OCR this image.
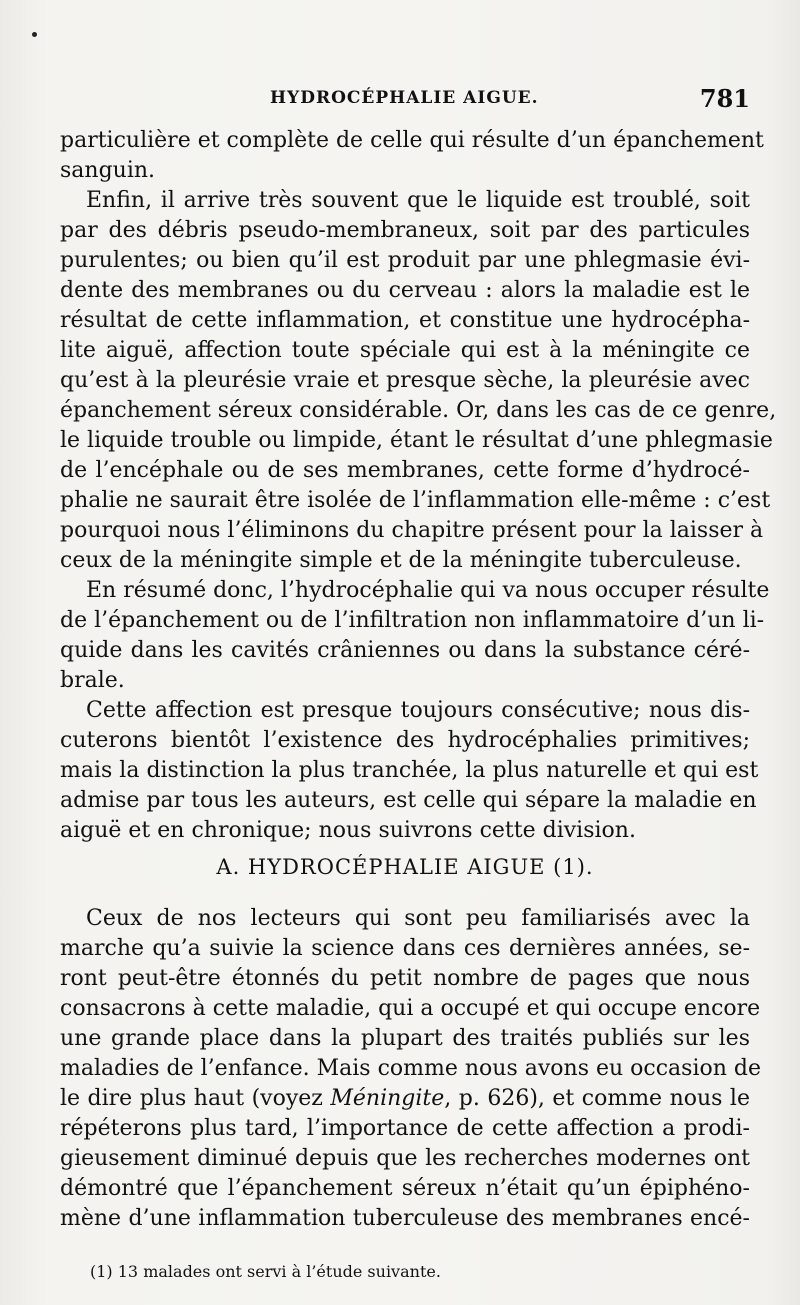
HYDROCÉPHALIE AIGUE.	781
particulière et complète de celle qui résulte d’un épanchement
sanguin.
Enfin, il arrive très souvent que le liquide est troublé, soit
par des débris pseudo-membraneux, soit par des particules
purulentes; ou bien qu’il est produit par une phlegmasie évi-
dente des membranes ou du cerveau : alors la maladie est le
résultat de cette inflammation, et constitue une hydrocépha-
lite aiguë, affection toute spéciale qui est à la méningite ce
qu’est à la pleurésie vraie et presque sèche, la pleurésie avec
épanchement séreux considérable. Or, dans les cas de ce genre,
le liquide trouble ou limpide, étant le résultat d’une phlegmasie
de l’encéphale ou de ses membranes, cette forme d’hydrocé-
phalie ne saurait être isolée de l’inflammation elle-même : c’est
pourquoi nous l’éliminons du chapitre présent pour la laisser à
ceux de la méningite simple et de la méningite tuberculeuse.
En résumé donc, l’hydrocéphalie qui va nous occuper résulte
de l’épanchement ou de l’infiltration non inflammatoire d’un li-
quide dans les cavités crâniennes ou dans la substance céré-
brale.
Cette affection est presque toujours consécutive; nous dis-
cuterons bientôt l’existence des hydrocéphalies primitives;
mais la distinction la plus tranchée, la plus naturelle et qui est
admise par tous les auteurs, est celle qui sépare la maladie en
aiguë et en chronique; nous suivrons cette division.
A. HYDROCÉPHALIE AIGUE (1).
Ceux de nos lecteurs qui sont peu familiarisés avec la
marche qu’a suivie la science dans ces dernières années, se-
ront peut-être étonnés du petit nombre de pages que nous
consacrons à cette maladie, qui a occupé et qui occupe encore
une grande place dans la plupart des traités publiés sur les
maladies de l’enfance. Mais comme nous avons eu occasion de
le dire plus haut (voyez Méningite, p. 626), et comme nous le
répéterons plus tard, l’importance de cette affection a prodi-
gieusement diminué depuis que les recherches modernes ont
démontré que l’épanchement séreux n’était qu’un épiphéno-
mène d’une inflammation tuberculeuse des membranes encé-
(1) 13 malades ont servi à l’étude suivante.
